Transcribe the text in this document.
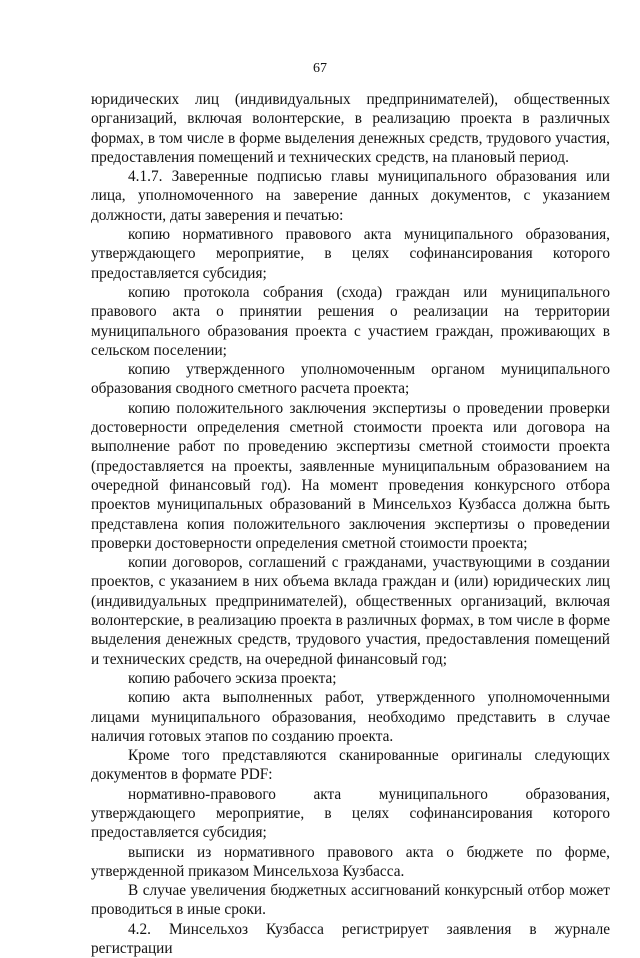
67

юридических лиц (индивидуальных предпринимателей), общественных организаций, включая волонтерские, в реализацию проекта в различных формах, в том числе в форме выделения денежных средств, трудового участия, предоставления помещений и технических средств, на плановый период.

4.1.7. Заверенные подписью главы муниципального образования или лица, уполномоченного на заверение данных документов, с указанием должности, даты заверения и печатью:

копию нормативного правового акта муниципального образования, утверждающего мероприятие, в целях софинансирования которого предоставляется субсидия;

копию протокола собрания (схода) граждан или муниципального правового акта о принятии решения о реализации на территории муниципального образования проекта с участием граждан, проживающих в сельском поселении;

копию утвержденного уполномоченным органом муниципального образования сводного сметного расчета проекта;

копию положительного заключения экспертизы о проведении проверки достоверности определения сметной стоимости проекта или договора на выполнение работ по проведению экспертизы сметной стоимости проекта (предоставляется на проекты, заявленные муниципальным образованием на очередной финансовый год). На момент проведения конкурсного отбора проектов муниципальных образований в Минсельхоз Кузбасса должна быть представлена копия положительного заключения экспертизы о проведении проверки достоверности определения сметной стоимости проекта;

копии договоров, соглашений с гражданами, участвующими в создании проектов, с указанием в них объема вклада граждан и (или) юридических лиц (индивидуальных предпринимателей), общественных организаций, включая волонтерские, в реализацию проекта в различных формах, в том числе в форме выделения денежных средств, трудового участия, предоставления помещений и технических средств, на очередной финансовый год;

копию рабочего эскиза проекта;

копию акта выполненных работ, утвержденного уполномоченными лицами муниципального образования, необходимо представить в случае наличия готовых этапов по созданию проекта.

Кроме того представляются сканированные оригиналы следующих документов в формате PDF:

нормативно-правового акта муниципального образования, утверждающего мероприятие, в целях софинансирования которого предоставляется субсидия;

выписки из нормативного правового акта о бюджете по форме, утвержденной приказом Минсельхоза Кузбасса.

В случае увеличения бюджетных ассигнований конкурсный отбор может проводиться в иные сроки.

4.2. Минсельхоз Кузбасса регистрирует заявления в журнале регистрации
